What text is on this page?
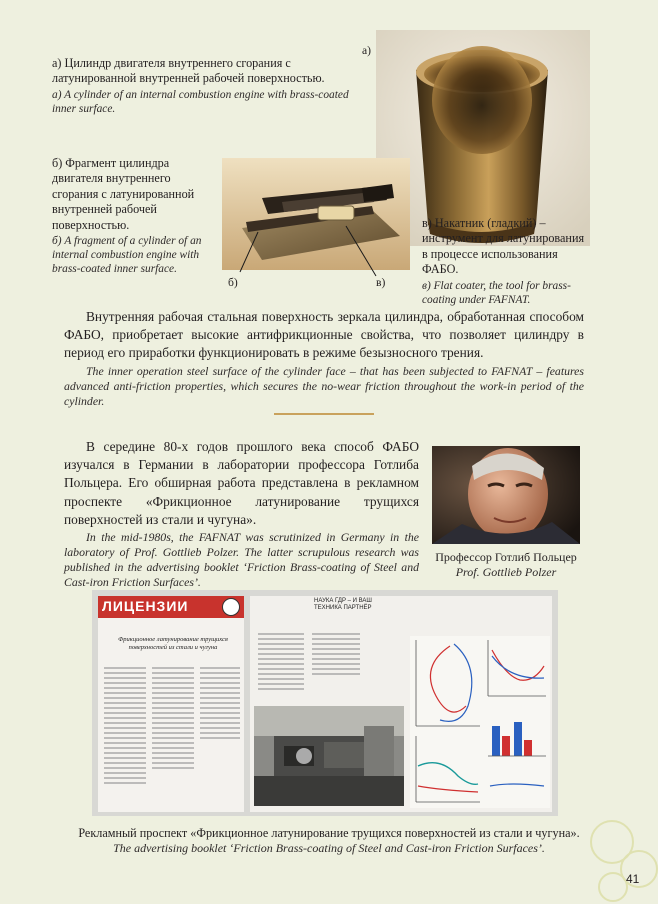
а) Цилиндр двигателя внутреннего сгорания с латунированной внутренней рабочей поверхностью.
a) A cylinder of an internal combustion engine with brass-coated inner surface.
а)
б) Фрагмент цилиндра двигателя внутреннего сгорания с латунированной внутренней рабочей поверхностью.
б) A fragment of a cylinder of an internal combustion engine with brass-coated inner surface.
б)	в)
в) Накатник (гладкий) – инструмент для латунирования в процессе использования ФАБО.
в) Flat coater, the tool for brass-coating under FAFNAT.
Внутренняя рабочая стальная поверхность зеркала цилиндра, обработанная способом ФАБО, приобретает высокие антифрикционные свойства, что позволяет цилиндру в период его приработки функционировать в режиме безызносного трения.
The inner operation steel surface of the cylinder face – that has been subjected to FAFNAT – features advanced anti-friction properties, which secures the no-wear friction throughout the work-in period of the cylinder.
В середине 80-х годов прошлого века способ ФАБО изучался в Германии в лаборатории профессора Готлиба Польцера. Его обширная работа представлена в рекламном проспекте «Фрикционное латунирование трущихся поверхностей из стали и чугуна».
In the mid-1980s, the FAFNAT was scrutinized in Germany in the laboratory of Prof. Gottlieb Polzer. The latter scrupulous research was published in the advertising booklet ‘Friction Brass-coating of Steel and Cast-iron Friction Surfaces’.
Профессор Готлиб Польцер
Prof. Gottlieb Polzer
ЛИЦЕНЗИИ
Фрикционное латунирование трущихся поверхностей из стали и чугуна
НАУКА ГДР – И ВАШ ТЕХНИКА ПАРТНЁР
Рекламный проспект «Фрикционное латунирование трущихся поверхностей из стали и чугуна».
The advertising booklet ‘Friction Brass-coating of Steel and Cast-iron Friction Surfaces’.
41
